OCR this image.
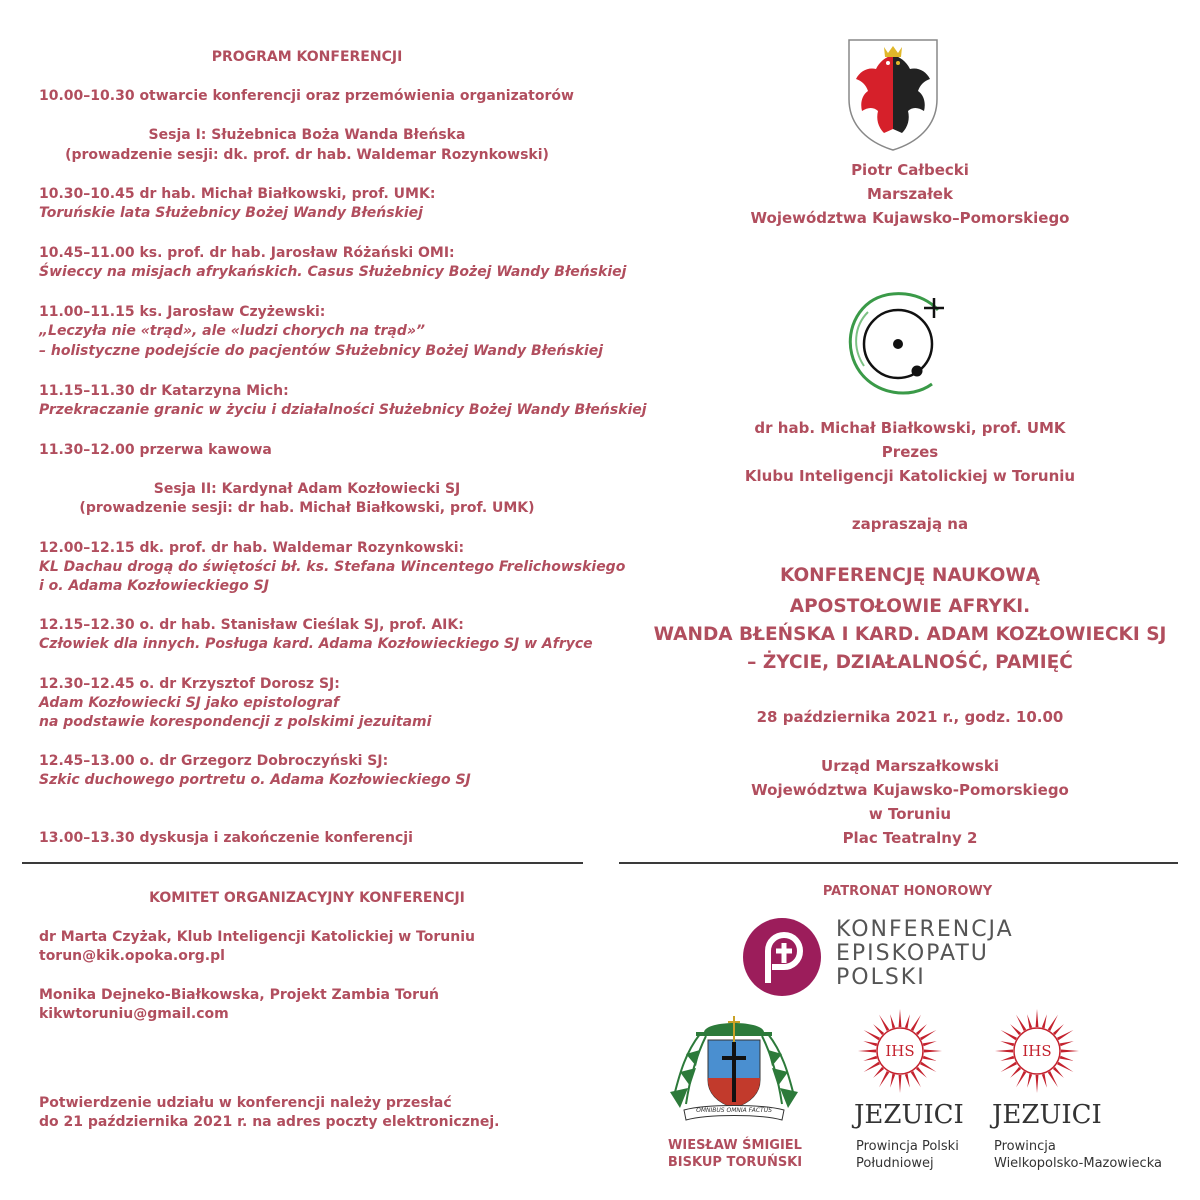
PROGRAM KONFERENCJI
10.00–10.30 otwarcie konferencji oraz przemówienia organizatorów
Sesja I: Służebnica Boża Wanda Błeńska
(prowadzenie sesji: dk. prof. dr hab. Waldemar Rozynkowski)
10.30–10.45 dr hab. Michał Białkowski, prof. UMK:
Toruńskie lata Służebnicy Bożej Wandy Błeńskiej
10.45–11.00 ks. prof. dr hab. Jarosław Różański OMI:
Świeccy na misjach afrykańskich. Casus Służebnicy Bożej Wandy Błeńskiej
11.00–11.15 ks. Jarosław Czyżewski:
„Leczyła nie «trąd», ale «ludzi chorych na trąd»”
– holistyczne podejście do pacjentów Służebnicy Bożej Wandy Błeńskiej
11.15–11.30 dr Katarzyna Mich:
Przekraczanie granic w życiu i działalności Służebnicy Bożej Wandy Błeńskiej
11.30–12.00 przerwa kawowa
Sesja II: Kardynał Adam Kozłowiecki SJ
(prowadzenie sesji: dr hab. Michał Białkowski, prof. UMK)
12.00–12.15 dk. prof. dr hab. Waldemar Rozynkowski:
KL Dachau drogą do świętości bł. ks. Stefana Wincentego Frelichowskiego
i o. Adama Kozłowieckiego SJ
12.15–12.30 o. dr hab. Stanisław Cieślak SJ, prof. AIK:
Człowiek dla innych. Posługa kard. Adama Kozłowieckiego SJ w Afryce
12.30–12.45 o. dr Krzysztof Dorosz SJ:
Adam Kozłowiecki SJ jako epistolograf
na podstawie korespondencji z polskimi jezuitami
12.45–13.00 o. dr Grzegorz Dobroczyński SJ:
Szkic duchowego portretu o. Adama Kozłowieckiego SJ
13.00–13.30 dyskusja i zakończenie konferencji
KOMITET ORGANIZACYJNY KONFERENCJI
dr Marta Czyżak, Klub Inteligencji Katolickiej w Toruniu
torun@kik.opoka.org.pl
Monika Dejneko-Białkowska, Projekt Zambia Toruń
kikwtoruniu@gmail.com
Potwierdzenie udziału w konferencji należy przesłać
do 21 października 2021 r. na adres poczty elektronicznej.
Piotr Całbecki
Marszałek
Województwa Kujawsko–Pomorskiego
dr hab. Michał Białkowski, prof. UMK
Prezes
Klubu Inteligencji Katolickiej w Toruniu
zapraszają na
KONFERENCJĘ NAUKOWĄ
APOSTOŁOWIE AFRYKI.
WANDA BŁEŃSKA I KARD. ADAM KOZŁOWIECKI SJ
– ŻYCIE, DZIAŁALNOŚĆ, PAMIĘĆ
28 października 2021 r., godz. 10.00
Urząd Marszałkowski
Województwa Kujawsko-Pomorskiego
w Toruniu
Plac Teatralny 2
PATRONAT HONOROWY
KONFERENCJA
EPISKOPATU
POLSKI
OMNIBUS OMNIA FACTUS
WIESŁAW ŚMIGIEL
BISKUP TORUŃSKI
IHS
JEZUICI
Prowincja Polski
Południowej
IHS
JEZUICI
Prowincja
Wielkopolsko-Mazowiecka
